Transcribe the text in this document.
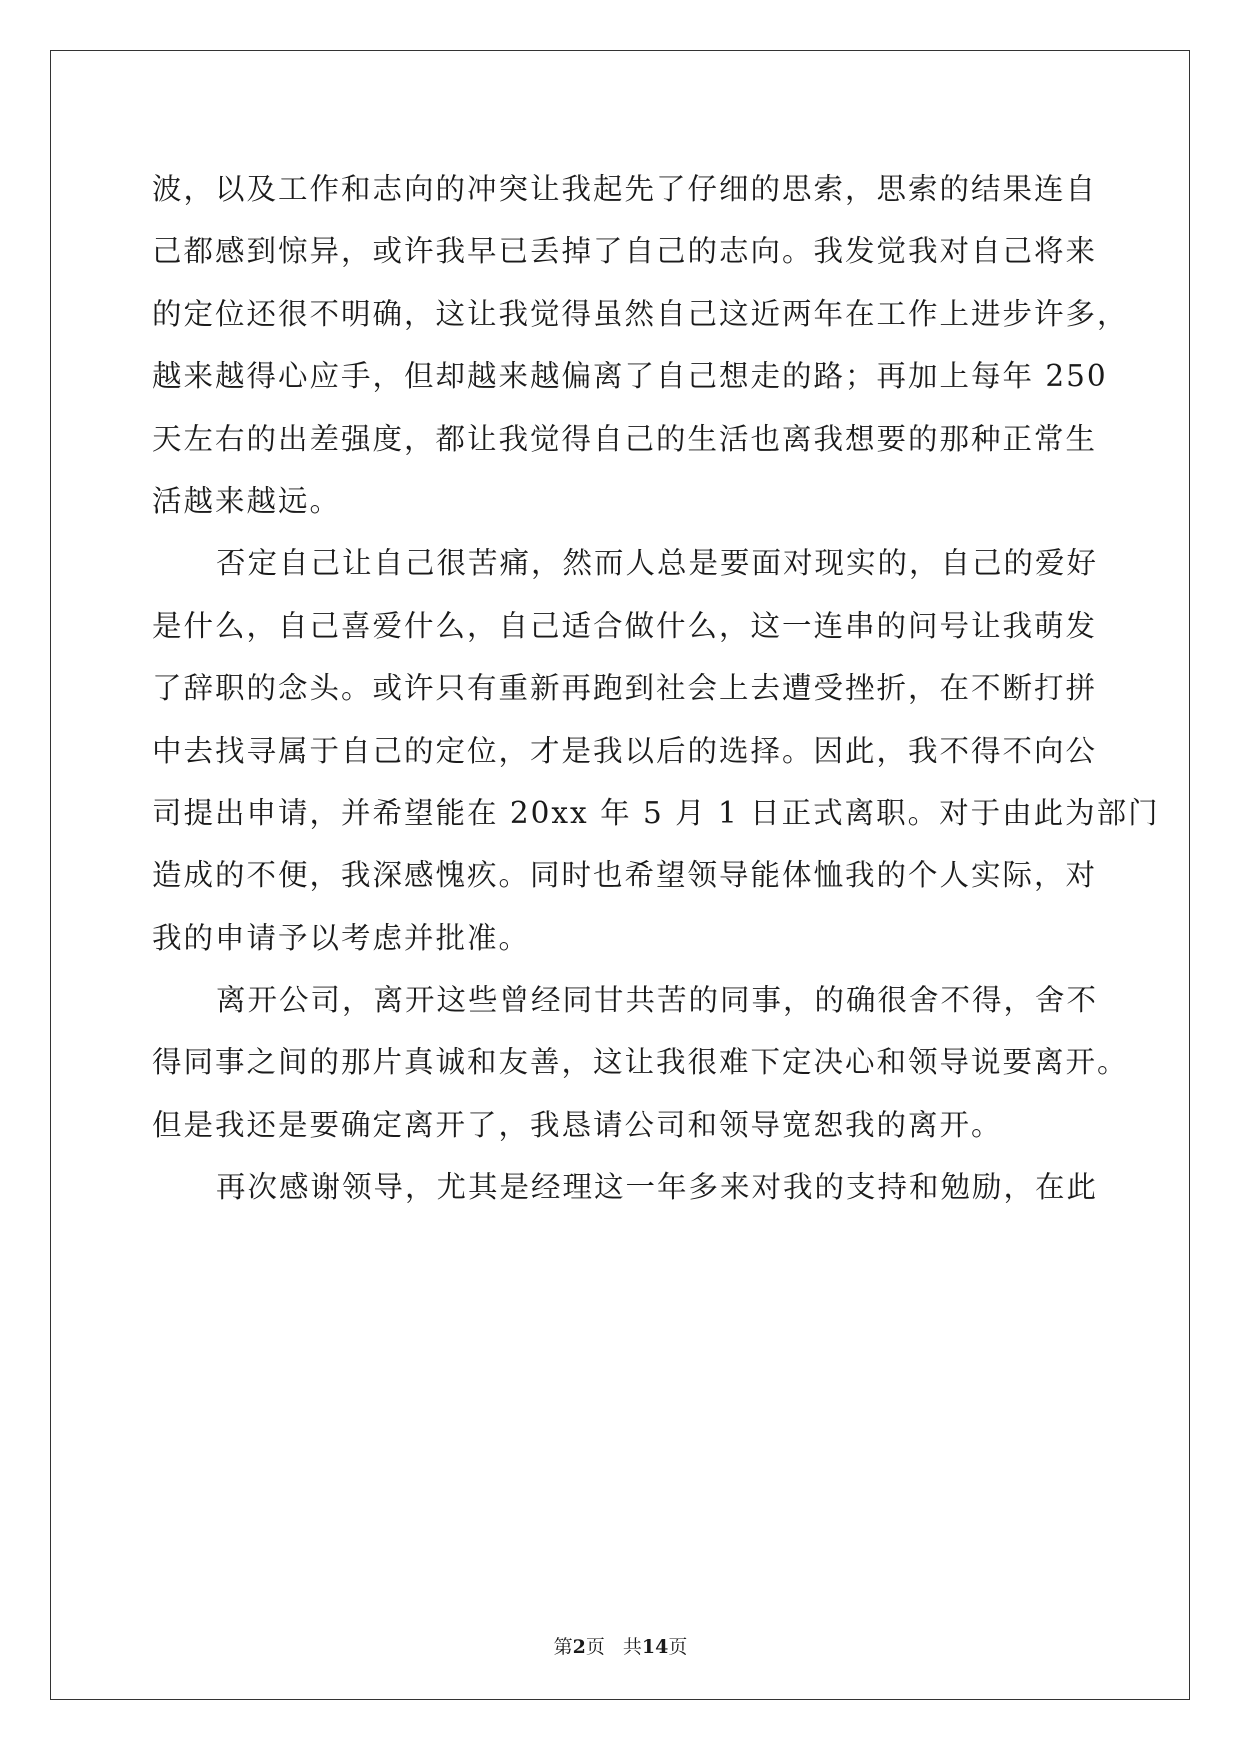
波，以及工作和志向的冲突让我起先了仔细的思索，思索的结果连自
己都感到惊异，或许我早已丢掉了自己的志向。我发觉我对自己将来
的定位还很不明确，这让我觉得虽然自己这近两年在工作上进步许多，
越来越得心应手，但却越来越偏离了自己想走的路；再加上每年 250
天左右的出差强度，都让我觉得自己的生活也离我想要的那种正常生
活越来越远。
否定自己让自己很苦痛，然而人总是要面对现实的，自己的爱好
是什么，自己喜爱什么，自己适合做什么，这一连串的问号让我萌发
了辞职的念头。或许只有重新再跑到社会上去遭受挫折，在不断打拼
中去找寻属于自己的定位，才是我以后的选择。因此，我不得不向公
司提出申请，并希望能在 20xx 年 5 月 1 日正式离职。对于由此为部门
造成的不便，我深感愧疚。同时也希望领导能体恤我的个人实际，对
我的申请予以考虑并批准。
离开公司，离开这些曾经同甘共苦的同事，的确很舍不得，舍不
得同事之间的那片真诚和友善，这让我很难下定决心和领导说要离开。
但是我还是要确定离开了，我恳请公司和领导宽恕我的离开。
再次感谢领导，尤其是经理这一年多来对我的支持和勉励，在此
第2页 共14页
